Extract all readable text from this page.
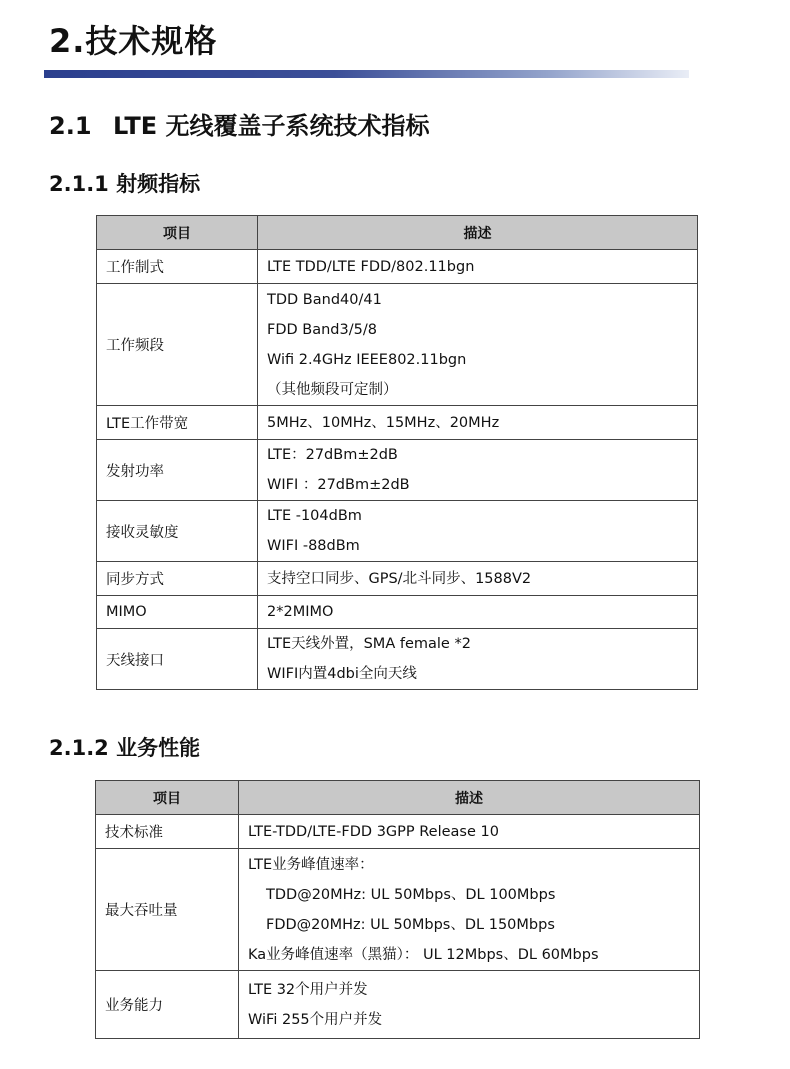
2.技术规格
2.1 LTE 无线覆盖子系统技术指标
2.1.1 射频指标
项目	描述
工作制式	LTE TDD/LTE FDD/802.11bgn

工作频段	TDD Band40/41
FDD Band3/5/8
Wifi 2.4GHz IEEE802.11bgn
（其他频段可定制）

LTE工作带宽	5MHz、10MHz、15MHz、20MHz

发射功率	LTE：27dBm±2dB
WIFI ：27dBm±2dB

接收灵敏度	LTE -104dBm
WIFI -88dBm

同步方式	支持空口同步、GPS/北斗同步、1588V2

MIMO	2*2MIMO

天线接口	LTE天线外置，SMA female *2
WIFI内置4dbi全向天线
2.1.2 业务性能
项目	描述
技术标准	LTE-TDD/LTE-FDD 3GPP Release 10

最大吞吐量	LTE业务峰值速率：
TDD@20MHz: UL 50Mbps、DL 100Mbps
FDD@20MHz: UL 50Mbps、DL 150Mbps
Ka业务峰值速率（黑猫）： UL 12Mbps、DL 60Mbps

业务能力	LTE 32个用户并发
WiFi 255个用户并发
